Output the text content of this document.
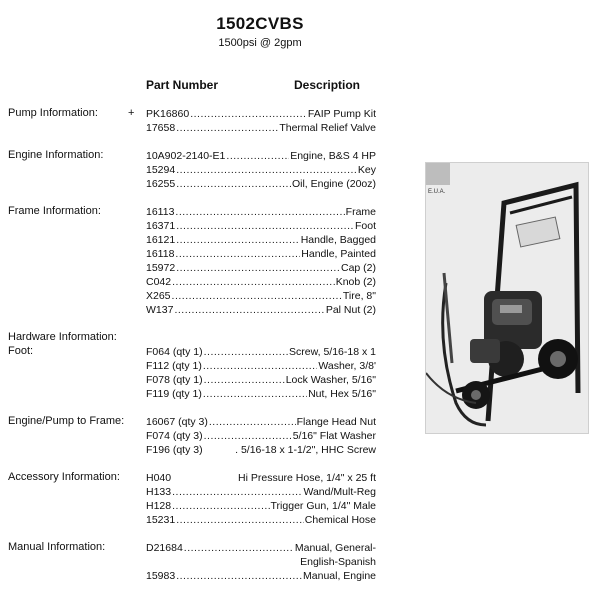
1502CVBS
1500psi @ 2gpm
Part Number	Description
Pump Information:	+ PK16860 .....	FAIP Pump Kit
17658 .....	Thermal Relief Valve
Engine Information:	10A902-2140-E1 .....	Engine, B&S 4 HP
15294 .....	Key
16255 .....	Oil, Engine (20oz)
Frame Information:	16113 .....	Frame
16371 .....	Foot
16121 .....	Handle, Bagged
16118 .....	Handle, Painted
15972 .....	Cap (2)
C042 .....	Knob (2)
X265 .....	Tire, 8"
W137 .....	Pal Nut (2)
Hardware Information:
Foot:	F064 (qty 1) .....	Screw, 5/16-18 x 1
F112 (qty 1) .....	Washer, 3/8'
F078 (qty 1) .....	Lock Washer, 5/16"
F119 (qty 1) .....	Nut, Hex 5/16"
Engine/Pump to Frame: 16067 (qty 3) .....	Flange Head Nut
F074 (qty 3) .....	5/16" Flat Washer
F196 (qty 3)	. 5/16-18 x 1-1/2", HHC Screw
Accessory Information: H040	Hi Pressure Hose, 1/4" x 25 ft
H133 .....	Wand/Mult-Reg
H128 .....	Trigger Gun, 1/4" Male
15231 .....	Chemical Hose
Manual Information:	D21684 .....	Manual, General-
English-Spanish
15983 .....	Manual, Engine
E.U.A.
